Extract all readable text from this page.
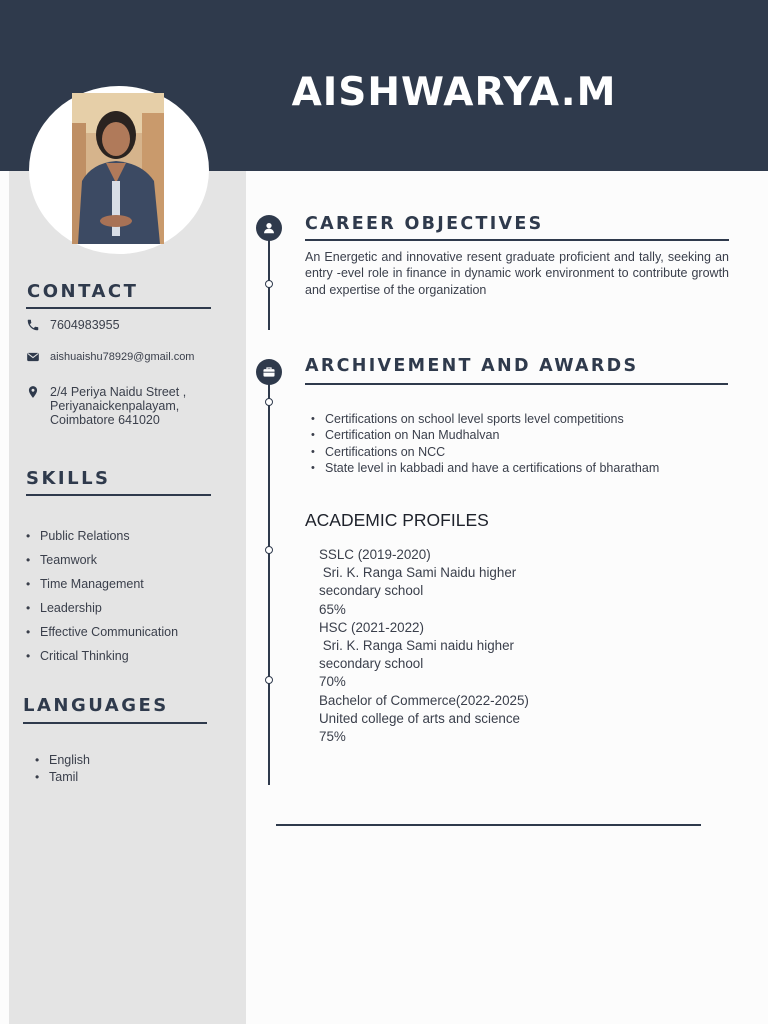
AISHWARYA.M
CONTACT
7604983955
aishuaishu78929@gmail.com
2/4 Periya Naidu Street ,
Periyanaickenpalayam,
Coimbatore 641020
SKILLS
• Public Relations
• Teamwork
• Time Management
• Leadership
• Effective Communication
• Critical Thinking
LANGUAGES
• English
• Tamil
CAREER OBJECTIVES
An Energetic and innovative resent graduate proficient and tally, seeking an entry -evel role in finance in dynamic work environment to contribute growth and expertise of the organization
ARCHIVEMENT AND AWARDS
• Certifications on school level sports level competitions
• Certification on Nan Mudhalvan
• Certifications on NCC
• State level in kabbadi and have a certifications of bharatham
ACADEMIC PROFILES
SSLC (2019-2020)
Sri. K. Ranga Sami Naidu higher
secondary school
65%
HSC (2021-2022)
Sri. K. Ranga Sami naidu higher
secondary school
70%
Bachelor of Commerce(2022-2025)
United college of arts and science
75%
